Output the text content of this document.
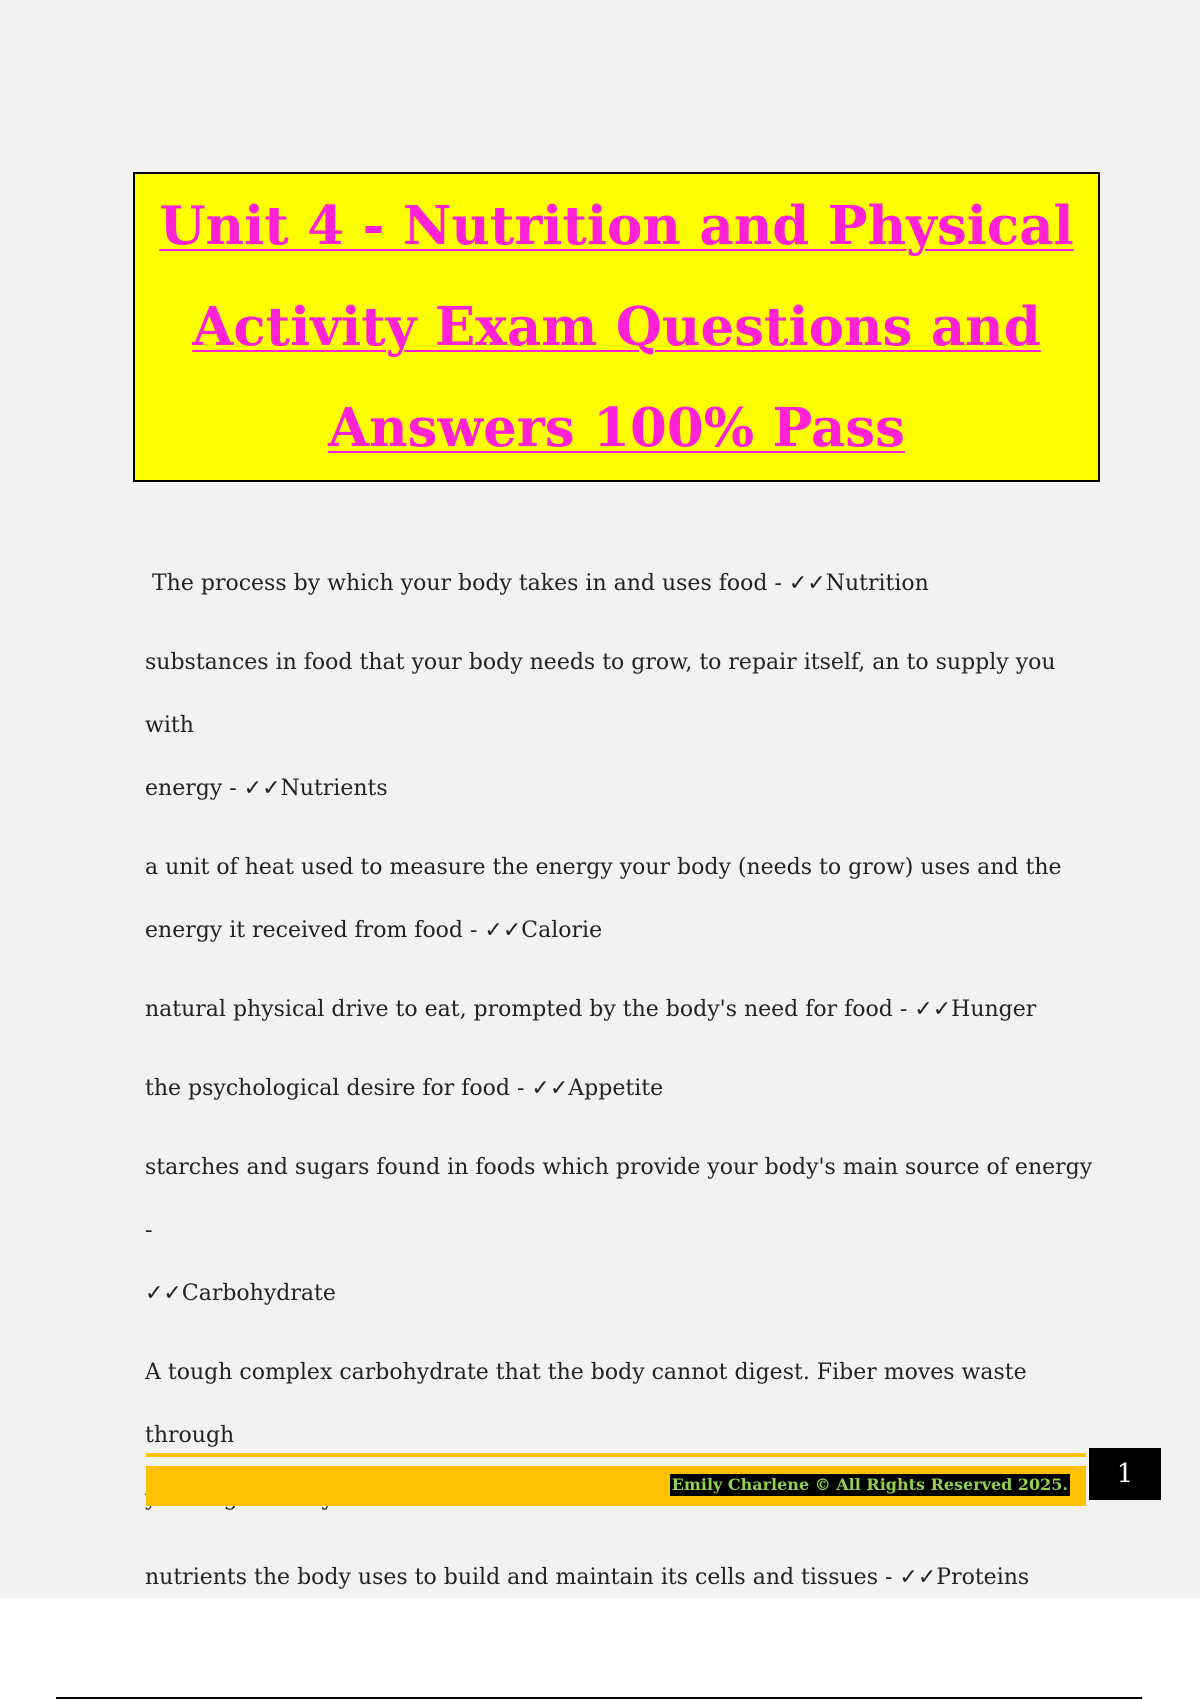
Unit 4 - Nutrition and Physical
Activity Exam Questions and
Answers 100% Pass
The process by which your body takes in and uses food - ✓✓Nutrition
substances in food that your body needs to grow, to repair itself, an to supply you with
energy - ✓✓Nutrients
a unit of heat used to measure the energy your body (needs to grow) uses and the
energy it received from food - ✓✓Calorie
natural physical drive to eat, prompted by the body's need for food - ✓✓Hunger
the psychological desire for food - ✓✓Appetite
starches and sugars found in foods which provide your body's main source of energy -
✓✓Carbohydrate
A tough complex carbohydrate that the body cannot digest. Fiber moves waste through
nutrients the body uses to build and maintain its cells and tissues - ✓✓Proteins
Emily Charlene © All Rights Reserved 2025.	1
